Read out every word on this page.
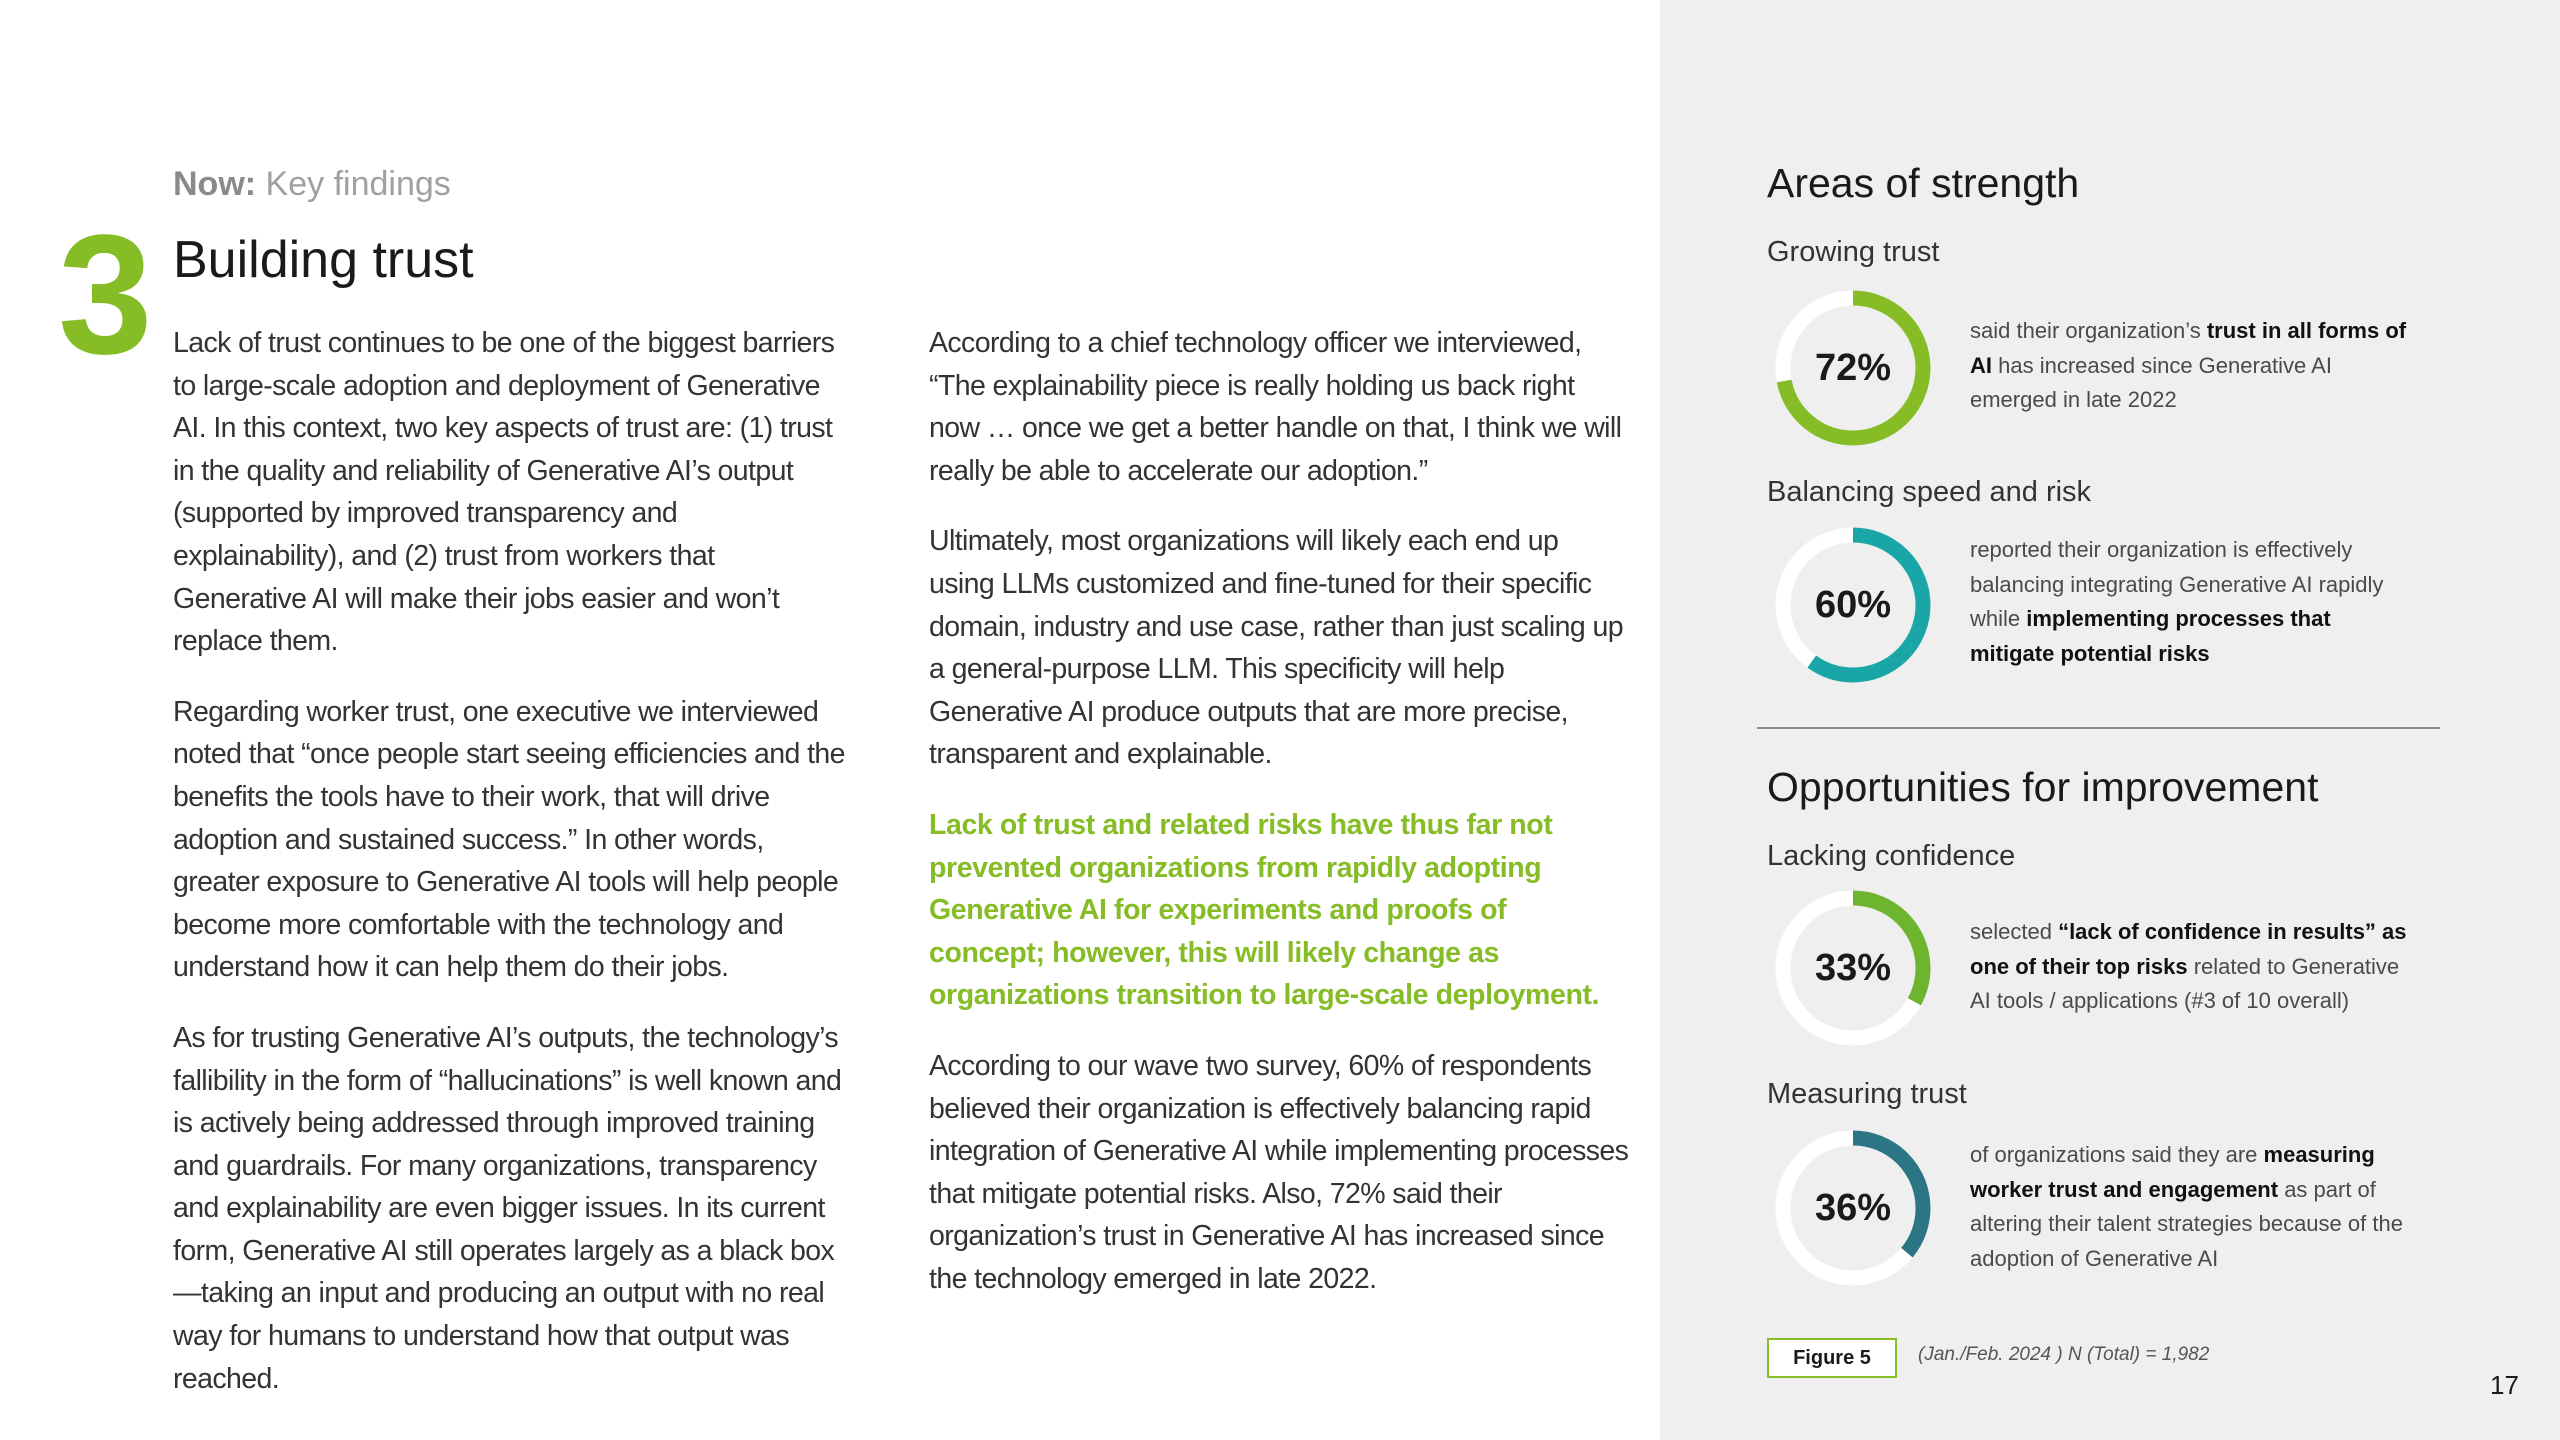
Now: Key findings
3 Building trust

Lack of trust continues to be one of the biggest barriers to large-scale adoption and deployment of Generative AI. In this context, two key aspects of trust are: (1) trust in the quality and reliability of Generative AI’s output (supported by improved transparency and explainability), and (2) trust from workers that Generative AI will make their jobs easier and won’t replace them.

Regarding worker trust, one executive we interviewed noted that “once people start seeing efficiencies and the benefits the tools have to their work, that will drive adoption and sustained success.” In other words, greater exposure to Generative AI tools will help people become more comfortable with the technology and understand how it can help them do their jobs.

As for trusting Generative AI’s outputs, the technology’s fallibility in the form of “hallucinations” is well known and is actively being addressed through improved training and guardrails. For many organizations, transparency and explainability are even bigger issues. In its current form, Generative AI still operates largely as a black box—taking an input and producing an output with no real way for humans to understand how that output was reached.

According to a chief technology officer we interviewed, “The explainability piece is really holding us back right now … once we get a better handle on that, I think we will really be able to accelerate our adoption.”

Ultimately, most organizations will likely each end up using LLMs customized and fine-tuned for their specific domain, industry and use case, rather than just scaling up a general-purpose LLM. This specificity will help Generative AI produce outputs that are more precise, transparent and explainable.

Lack of trust and related risks have thus far not prevented organizations from rapidly adopting Generative AI for experiments and proofs of concept; however, this will likely change as organizations transition to large-scale deployment.

According to our wave two survey, 60% of respondents believed their organization is effectively balancing rapid integration of Generative AI while implementing processes that mitigate potential risks. Also, 72% said their organization’s trust in Generative AI has increased since the technology emerged in late 2022.

Areas of strength
Opportunities for improvement
Growing trust
72%
said their organization’s trust in all forms of AI has increased since Generative AI emerged in late 2022
Balancing speed and risk
60%
reported their organization is effectively balancing integrating Generative AI rapidly while implementing processes that mitigate potential risks
Lacking confidence
33%
selected “lack of confidence in results” as one of their top risks related to Generative AI tools / applications (#3 of 10 overall)
Measuring trust
36%
of organizations said they are measuring worker trust and engagement as part of altering their talent strategies because of the adoption of Generative AI
Figure 5	(Jan./Feb. 2024 ) N (Total) = 1,982
17
